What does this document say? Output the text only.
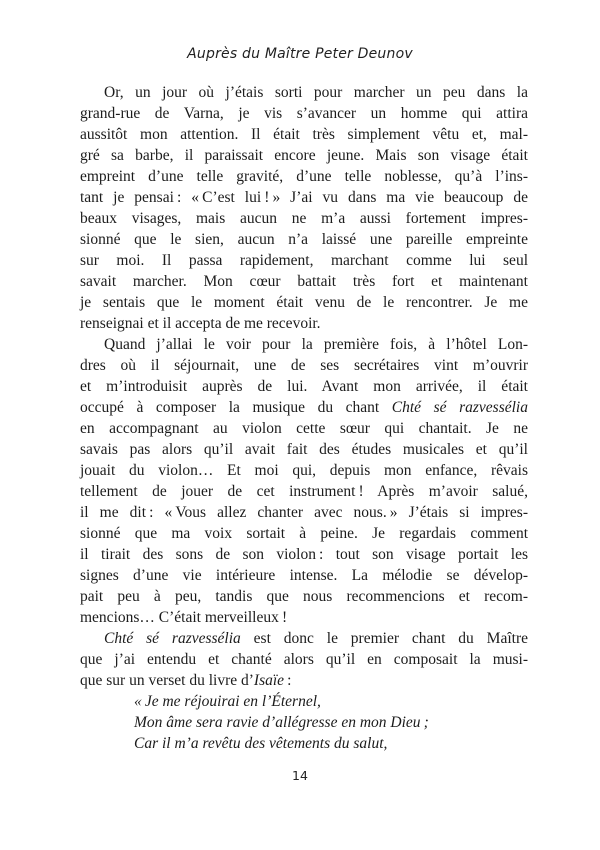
Auprès du Maître Peter Deunov
Or, un jour où j’étais sorti pour marcher un peu dans la
grand-rue de Varna, je vis s’avancer un homme qui attira
aussitôt mon attention. Il était très simplement vêtu et, mal-
gré sa barbe, il paraissait encore jeune. Mais son visage était
empreint d’une telle gravité, d’une telle noblesse, qu’à l’ins-
tant je pensai : « C’est lui ! » J’ai vu dans ma vie beaucoup de
beaux visages, mais aucun ne m’a aussi fortement impres-
sionné que le sien, aucun n’a laissé une pareille empreinte
sur moi. Il passa rapidement, marchant comme lui seul
savait marcher. Mon cœur battait très fort et maintenant
je sentais que le moment était venu de le rencontrer. Je me
renseignai et il accepta de me recevoir.
Quand j’allai le voir pour la première fois, à l’hôtel Lon-
dres où il séjournait, une de ses secrétaires vint m’ouvrir
et m’introduisit auprès de lui. Avant mon arrivée, il était
occupé à composer la musique du chant Chté sé razvessélia
en accompagnant au violon cette sœur qui chantait. Je ne
savais pas alors qu’il avait fait des études musicales et qu’il
jouait du violon… Et moi qui, depuis mon enfance, rêvais
tellement de jouer de cet instrument ! Après m’avoir salué,
il me dit : « Vous allez chanter avec nous. » J’étais si impres-
sionné que ma voix sortait à peine. Je regardais comment
il tirait des sons de son violon : tout son visage portait les
signes d’une vie intérieure intense. La mélodie se dévelop-
pait peu à peu, tandis que nous recommencions et recom-
mencions… C’était merveilleux !
Chté sé razvessélia est donc le premier chant du Maître
que j’ai entendu et chanté alors qu’il en composait la musi-
que sur un verset du livre d’Isaïe :
« Je me réjouirai en l’Éternel,
Mon âme sera ravie d’allégresse en mon Dieu ;
Car il m’a revêtu des vêtements du salut,
14
